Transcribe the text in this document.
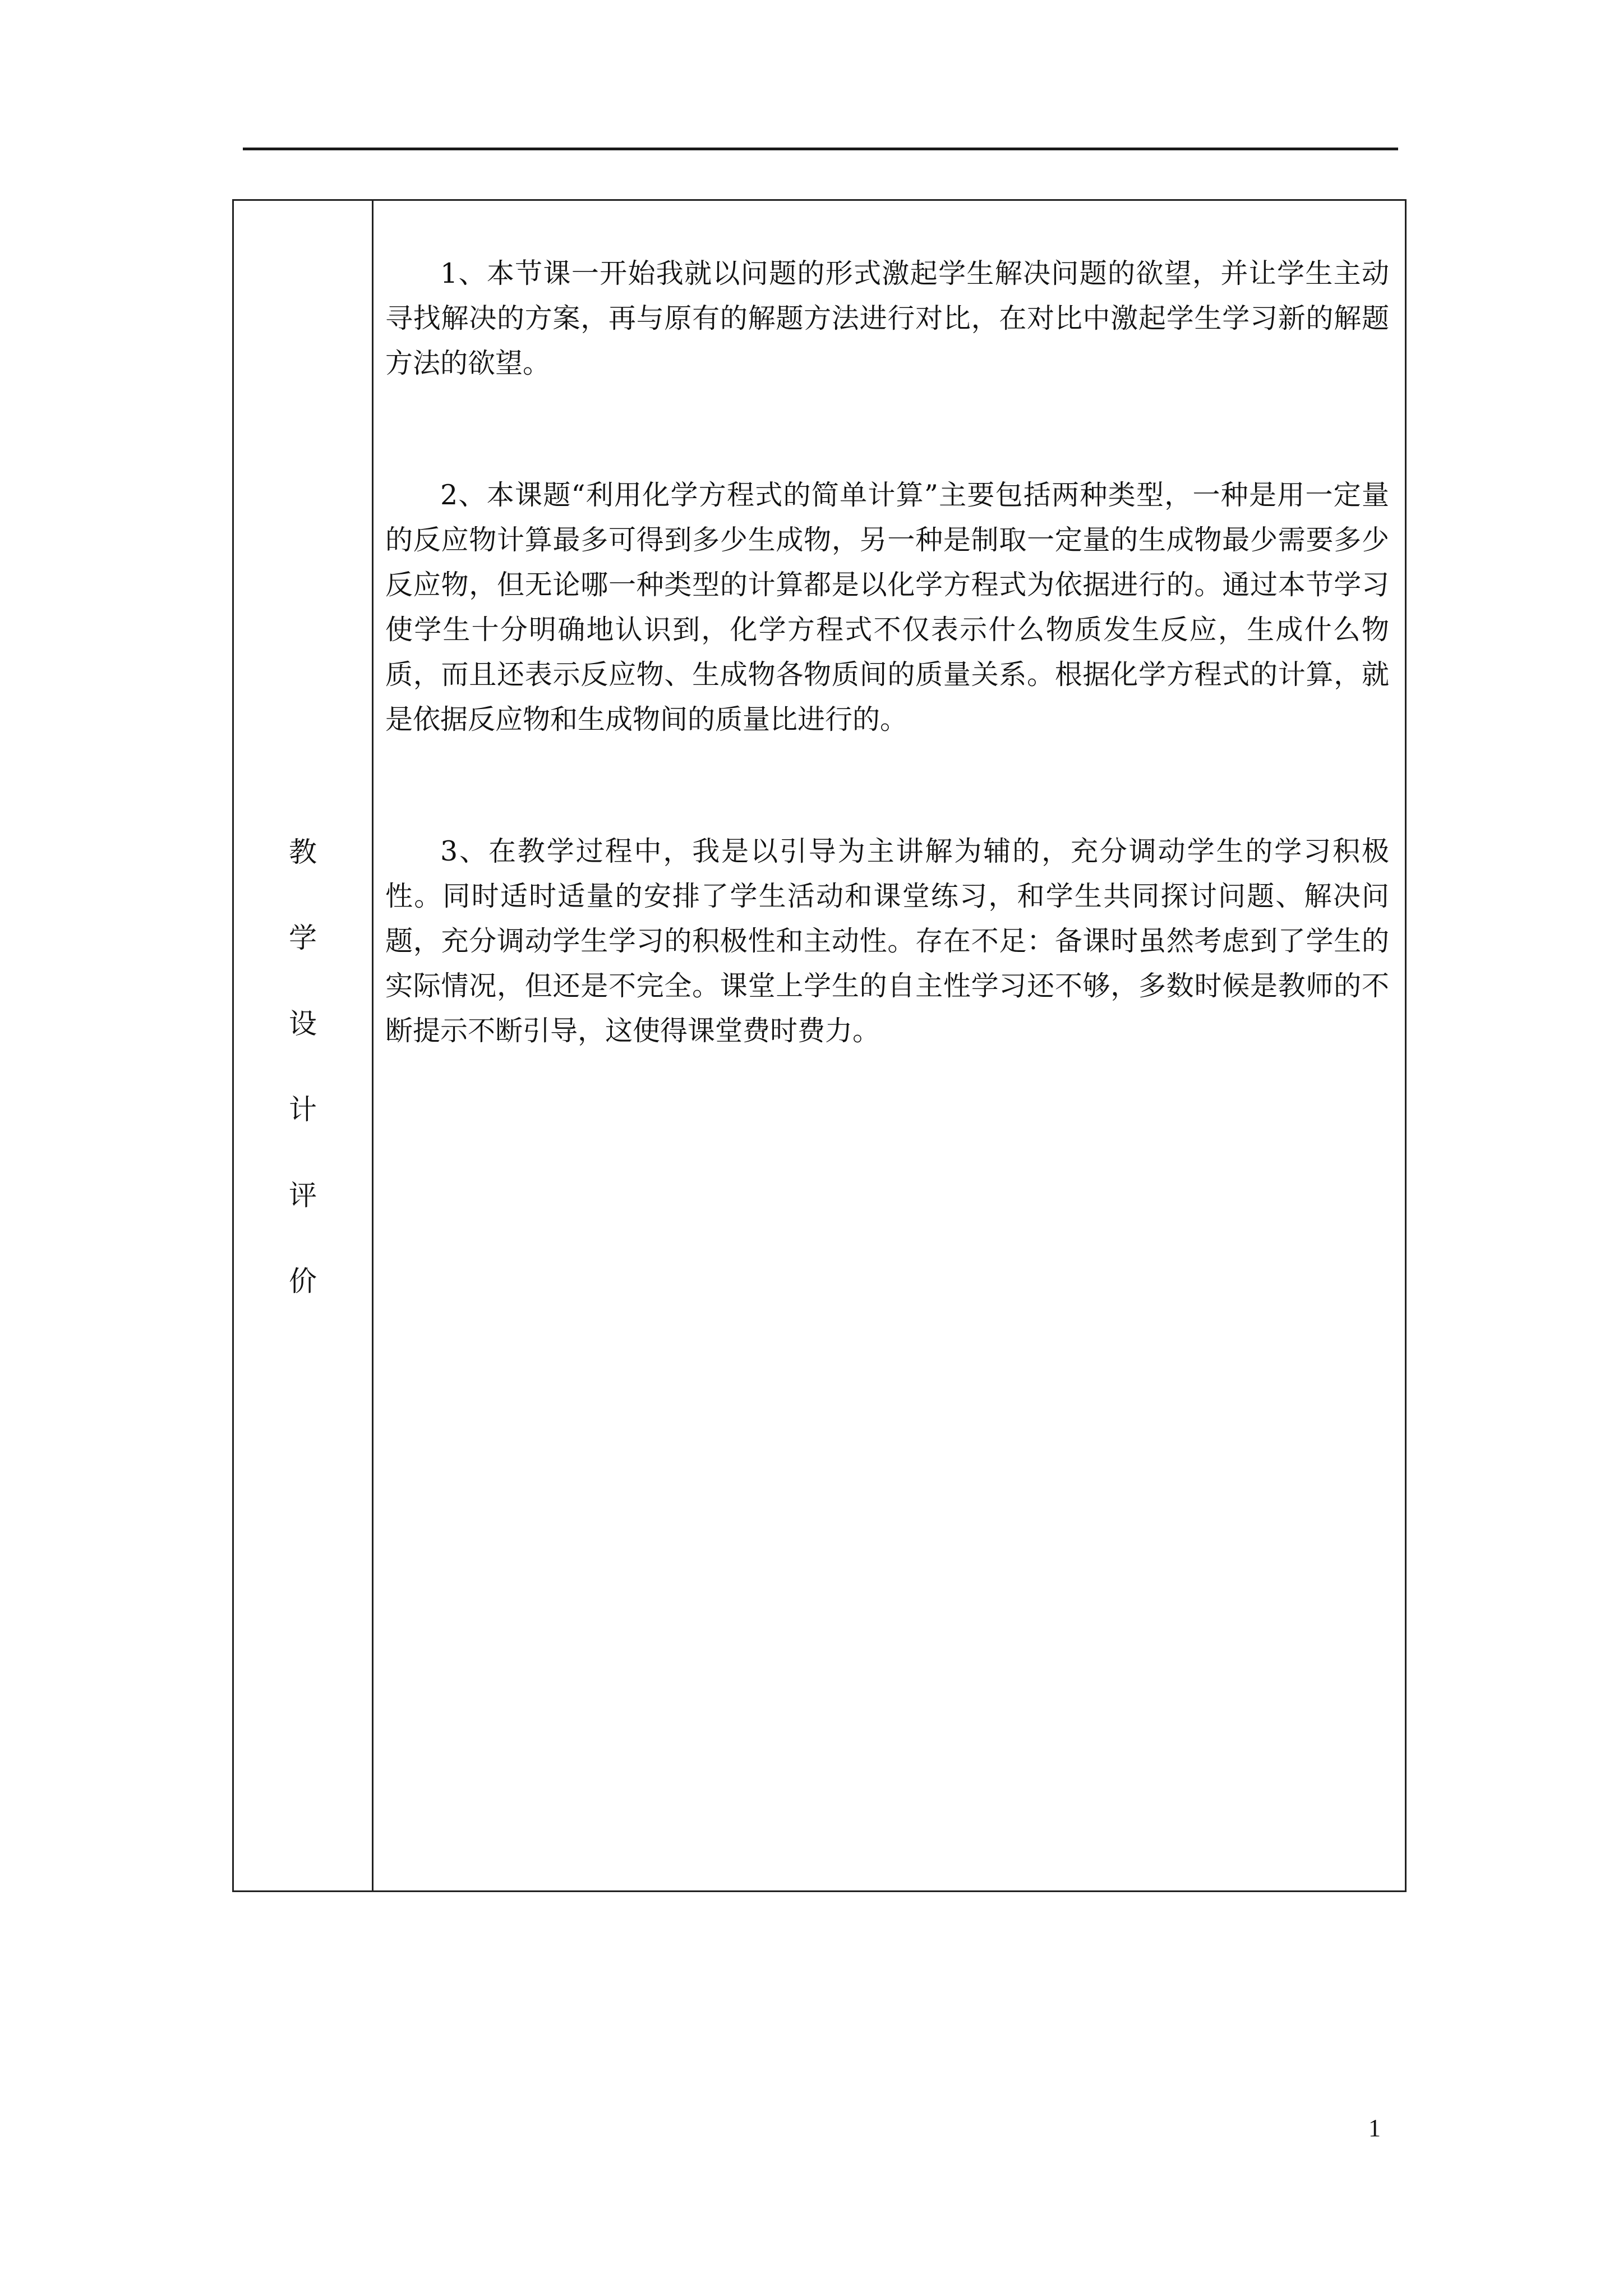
教
学
设
计
评
价

1、本节课一开始我就以问题的形式激起学生解决问题的欲望，并让学生主动寻找解决的方案，再与原有的解题方法进行对比，在对比中激起学生学习新的解题方法的欲望。

2、本课题“利用化学方程式的简单计算”主要包括两种类型，一种是用一定量的反应物计算最多可得到多少生成物，另一种是制取一定量的生成物最少需要多少反应物，但无论哪一种类型的计算都是以化学方程式为依据进行的。通过本节学习使学生十分明确地认识到，化学方程式不仅表示什么物质发生反应，生成什么物质，而且还表示反应物、生成物各物质间的质量关系。根据化学方程式的计算，就是依据反应物和生成物间的质量比进行的。

3、在教学过程中，我是以引导为主讲解为辅的，充分调动学生的学习积极性。同时适时适量的安排了学生活动和课堂练习，和学生共同探讨问题、解决问题，充分调动学生学习的积极性和主动性。存在不足：备课时虽然考虑到了学生的实际情况，但还是不完全。课堂上学生的自主性学习还不够，多数时候是教师的不断提示不断引导，这使得课堂费时费力。

1
